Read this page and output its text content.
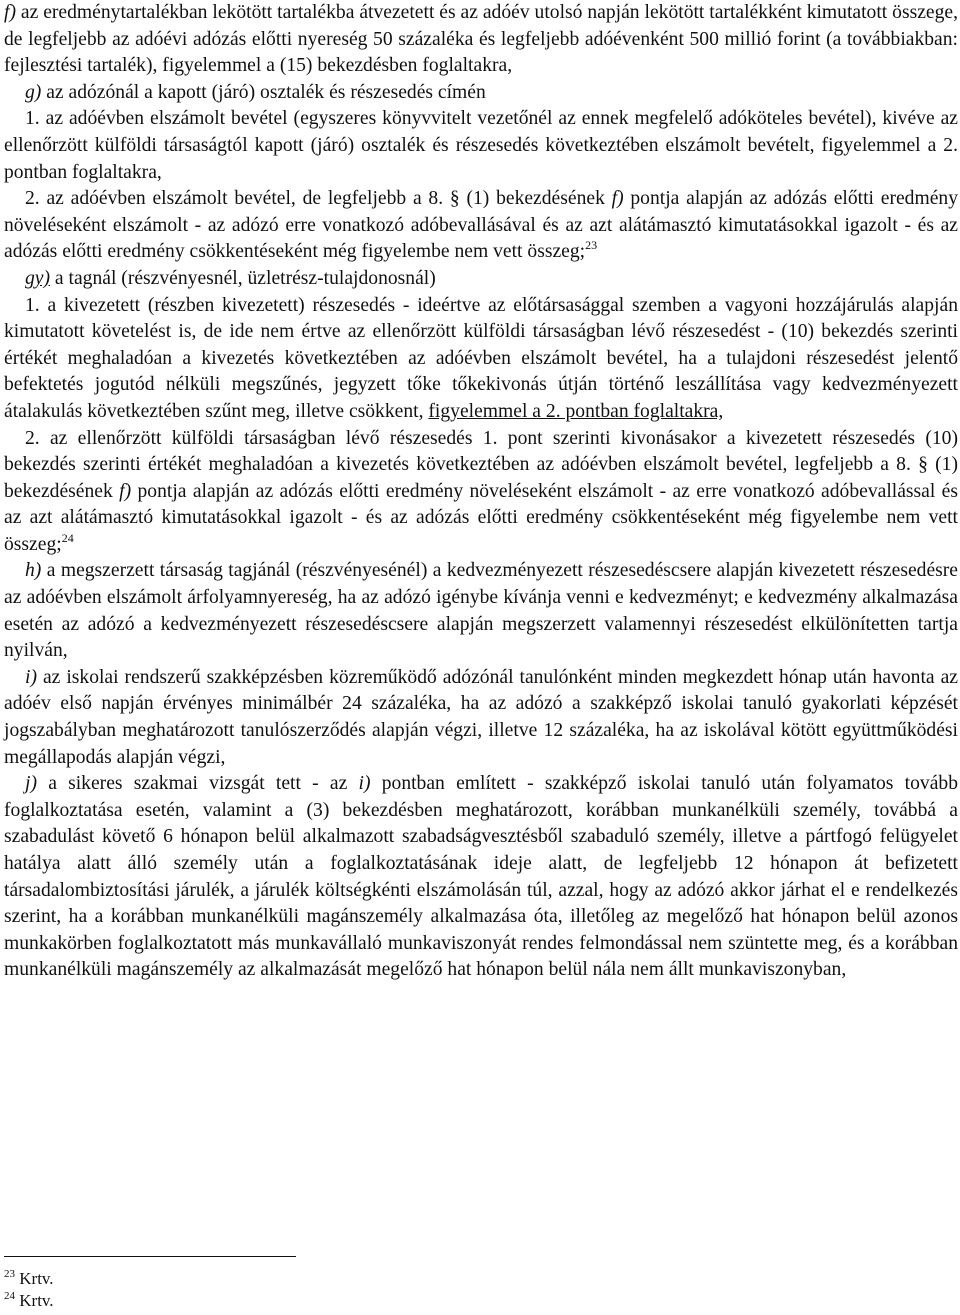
f) az eredménytartalékban lekötött tartalékba átvezetett és az adóév utolsó napján lekötött tartalékként kimutatott összege, de legfeljebb az adóévi adózás előtti nyereség 50 százaléka és legfeljebb adóévenként 500 millió forint (a továbbiakban: fejlesztési tartalék), figyelemmel a (15) bekezdésben foglaltakra,

g) az adózónál a kapott (járó) osztalék és részesedés címén

1. az adóévben elszámolt bevétel (egyszeres könyvvitelt vezetőnél az ennek megfelelő adóköteles bevétel), kivéve az ellenőrzött külföldi társaságtól kapott (járó) osztalék és részesedés következtében elszámolt bevételt, figyelemmel a 2. pontban foglaltakra,

2. az adóévben elszámolt bevétel, de legfeljebb a 8. § (1) bekezdésének f) pontja alapján az adózás előtti eredmény növeléseként elszámolt - az adózó erre vonatkozó adóbevallásával és az azt alátámasztó kimutatásokkal igazolt - és az adózás előtti eredmény csökkentéseként még figyelembe nem vett összeg;$^{23}$

gy) a tagnál (részvényesnél, üzletrész-tulajdonosnál)

1. a kivezetett (részben kivezetett) részesedés - ideértve az előtársasággal szemben a vagyoni hozzájárulás alapján kimutatott követelést is, de ide nem értve az ellenőrzött külföldi társaságban lévő részesedést - (10) bekezdés szerinti értékét meghaladóan a kivezetés következtében az adóévben elszámolt bevétel, ha a tulajdoni részesedést jelentő befektetés jogutód nélküli megszűnés, jegyzett tőke tőkekivonás útján történő leszállítása vagy kedvezményezett átalakulás következtében szűnt meg, illetve csökkent, figyelemmel a 2. pontban foglaltakra,

2. az ellenőrzött külföldi társaságban lévő részesedés 1. pont szerinti kivonásakor a kivezetett részesedés (10) bekezdés szerinti értékét meghaladóan a kivezetés következtében az adóévben elszámolt bevétel, legfeljebb a 8. § (1) bekezdésének f) pontja alapján az adózás előtti eredmény növeléseként elszámolt - az erre vonatkozó adóbevallással és az azt alátámasztó kimutatásokkal igazolt - és az adózás előtti eredmény csökkentéseként még figyelembe nem vett összeg;$^{24}$

h) a megszerzett társaság tagjánál (részvényesénél) a kedvezményezett részesedéscsere alapján kivezetett részesedésre az adóévben elszámolt árfolyamnyereség, ha az adózó igénybe kívánja venni e kedvezményt; e kedvezmény alkalmazása esetén az adózó a kedvezményezett részesedéscsere alapján megszerzett valamennyi részesedést elkülönítetten tartja nyilván,

i) az iskolai rendszerű szakképzésben közreműködő adózónál tanulónként minden megkezdett hónap után havonta az adóév első napján érvényes minimálbér 24 százaléka, ha az adózó a szakképző iskolai tanuló gyakorlati képzését jogszabályban meghatározott tanulószerződés alapján végzi, illetve 12 százaléka, ha az iskolával kötött együttműködési megállapodás alapján végzi,

j) a sikeres szakmai vizsgát tett - az i) pontban említett - szakképző iskolai tanuló után folyamatos tovább foglalkoztatása esetén, valamint a (3) bekezdésben meghatározott, korábban munkanélküli személy, továbbá a szabadulást követő 6 hónapon belül alkalmazott szabadságvesztésből szabaduló személy, illetve a pártfogó felügyelet hatálya alatt álló személy után a foglalkoztatásának ideje alatt, de legfeljebb 12 hónapon át befizetett társadalombiztosítási járulék, a járulék költségkénti elszámolásán túl, azzal, hogy az adózó akkor járhat el e rendelkezés szerint, ha a korábban munkanélküli magánszemély alkalmazása óta, illetőleg az megelőző hat hónapon belül azonos munkakörben foglalkoztatott más munkavállaló munkaviszonyát rendes felmondással nem szüntette meg, és a korábban munkanélküli magánszemély az alkalmazását megelőző hat hónapon belül nála nem állt munkaviszonyban,

$^{23}$ Krtv.
$^{24}$ Krtv.
